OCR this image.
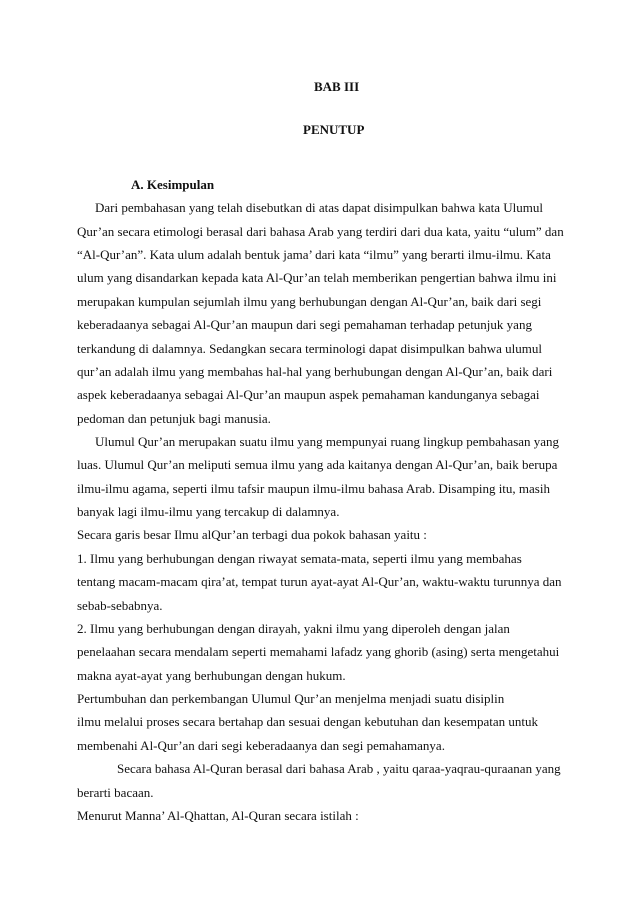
BAB III
PENUTUP
A. Kesimpulan
Dari pembahasan yang telah disebutkan di atas dapat disimpulkan bahwa kata Ulumul
Qur’an secara etimologi berasal dari bahasa Arab yang terdiri dari dua kata, yaitu “ulum” dan
“Al-Qur’an”. Kata ulum adalah bentuk jama’ dari kata “ilmu” yang berarti ilmu-ilmu. Kata
ulum yang disandarkan kepada kata Al-Qur’an telah memberikan pengertian bahwa ilmu ini
merupakan kumpulan sejumlah ilmu yang berhubungan dengan Al-Qur’an, baik dari segi
keberadaanya sebagai Al-Qur’an maupun dari segi pemahaman terhadap petunjuk yang
terkandung di dalamnya. Sedangkan secara terminologi dapat disimpulkan bahwa ulumul
qur’an adalah ilmu yang membahas hal-hal yang berhubungan dengan Al-Qur’an, baik dari
aspek keberadaanya sebagai Al-Qur’an maupun aspek pemahaman kandunganya sebagai
pedoman dan petunjuk bagi manusia.
Ulumul Qur’an merupakan suatu ilmu yang mempunyai ruang lingkup pembahasan yang
luas. Ulumul Qur’an meliputi semua ilmu yang ada kaitanya dengan Al-Qur’an, baik berupa
ilmu-ilmu agama, seperti ilmu tafsir maupun ilmu-ilmu bahasa Arab. Disamping itu, masih
banyak lagi ilmu-ilmu yang tercakup di dalamnya.
Secara garis besar Ilmu alQur’an terbagi dua pokok bahasan yaitu :
1. Ilmu yang berhubungan dengan riwayat semata-mata, seperti ilmu yang membahas
tentang macam-macam qira’at, tempat turun ayat-ayat Al-Qur’an, waktu-waktu turunnya dan
sebab-sebabnya.
2. Ilmu yang berhubungan dengan dirayah, yakni ilmu yang diperoleh dengan jalan
penelaahan secara mendalam seperti memahami lafadz yang ghorib (asing) serta mengetahui
makna ayat-ayat yang berhubungan dengan hukum.
Pertumbuhan dan perkembangan Ulumul Qur’an menjelma menjadi suatu disiplin
ilmu melalui proses secara bertahap dan sesuai dengan kebutuhan dan kesempatan untuk
membenahi Al-Qur’an dari segi keberadaanya dan segi pemahamanya.
Secara bahasa Al-Quran berasal dari bahasa Arab , yaitu qaraa-yaqrau-quraanan yang
berarti bacaan.
Menurut Manna’ Al-Qhattan, Al-Quran secara istilah :
